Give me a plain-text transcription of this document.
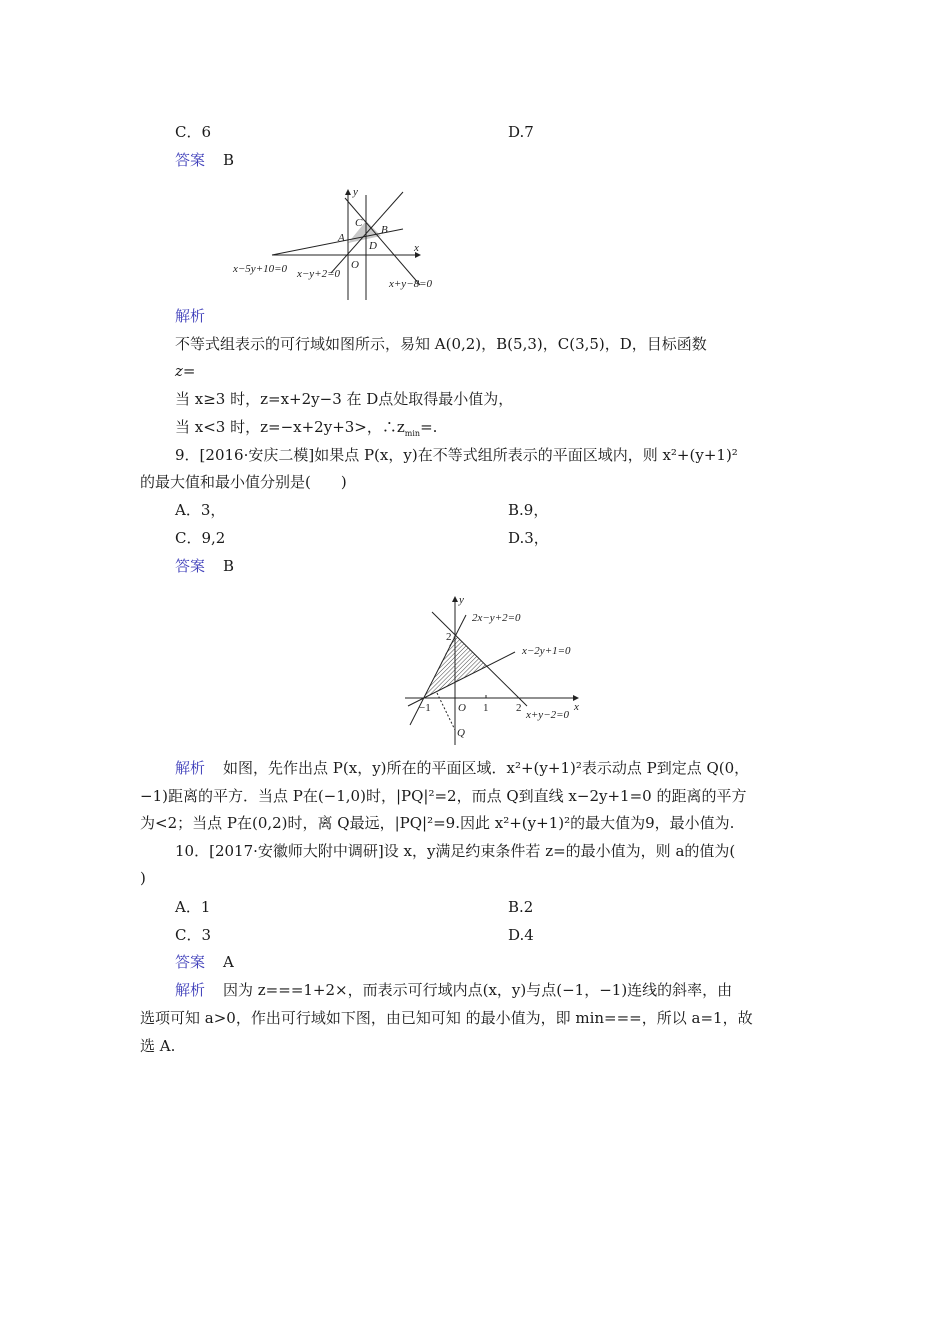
C．6	D.7
答案 B
y
x
O
A
B
C
D
x−5y+10=0 x−y+2=0
x+y−8=0
y
x
O
Q
−1	1	2
2
2x−y+2=0
x−2y+1=0
x+y−2=0
解析
不等式组表示的可行域如图所示，易知 A(0,2)，B(5,3)，C(3,5)，D，目标函数
z=
当 x≥3 时，z=x+2y−3 在 D点处取得最小值为，
当 x<3 时，z=−x+2y+3>，$\therefore z_{min}=$.
9．[2016·安庆二模]如果点 P(x，y)在不等式组所表示的平面区域内，则 x²+(y+1)²
的最大值和最小值分别是(　　)
A．3，	B.9，
C．9,2	D.3，
答案 B
解析 如图，先作出点 P(x，y)所在的平面区域．x²+(y+1)²表示动点 P到定点 Q(0，
−1)距离的平方．当点 P在(−1,0)时，|PQ|²=2，而点 Q到直线 x−2y+1=0 的距离的平方
为<2；当点 P在(0,2)时，离 Q最远，|PQ|²=9.因此 x²+(y+1)²的最大值为9，最小值为.
10．[2017·安徽师大附中调研]设 x，y满足约束条件若 z=的最小值为，则 a的值为(
)
A．1	B.2
C．3	D.4
答案 A
解析 因为 z===1+2×，而表示可行域内点(x，y)与点(−1，−1)连线的斜率，由
选项可知 a>0，作出可行域如下图，由已知可知 的最小值为，即 min===，所以 a=1，故
选 A.
